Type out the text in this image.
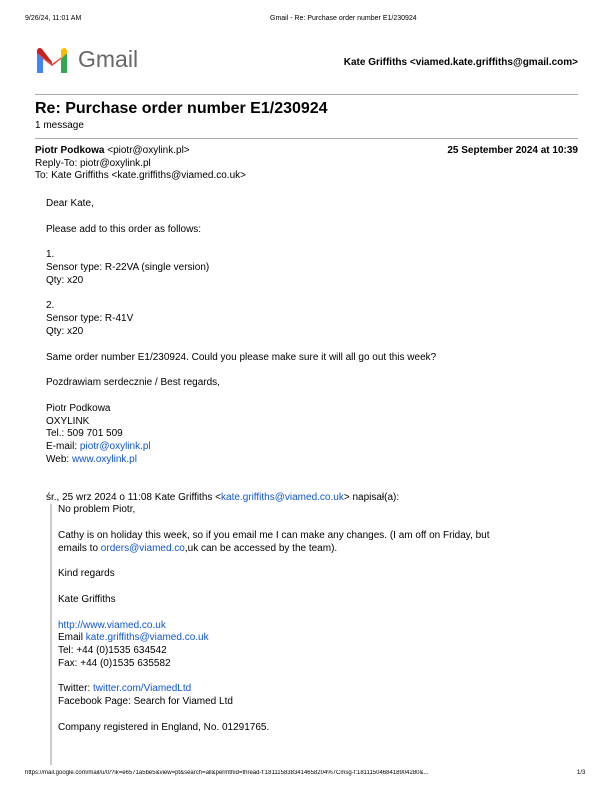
9/26/24, 11:01 AM	Gmail - Re: Purchase order number E1/230924
Gmail	Kate Griffiths <viamed.kate.griffiths@gmail.com>
Re: Purchase order number E1/230924
1 message
Piotr Podkowa <piotr@oxylink.pl>
Reply-To: piotr@oxylink.pl
To: Kate Griffiths <kate.griffiths@viamed.co.uk>
25 September 2024 at 10:39
Dear Kate,
Please add to this order as follows:
1.
Sensor type: R-22VA (single version)
Qty: x20
2.
Sensor type: R-41V
Qty: x20
Same order number E1/230924. Could you please make sure it will all go out this week?
Pozdrawiam serdecznie / Best regards,
Piotr Podkowa
OXYLINK
Tel.: 509 701 509
E-mail: piotr@oxylink.pl
Web: www.oxylink.pl
śr., 25 wrz 2024 o 11:08 Kate Griffiths <kate.griffiths@viamed.co.uk> napisał(a):
No problem Piotr,
Cathy is on holiday this week, so if you email me I can make any changes. (I am off on Friday, but
emails to orders@viamed.co,uk can be accessed by the team).
Kind regards
Kate Griffiths
http://www.viamed.co.uk
Email kate.griffiths@viamed.co.uk
Tel: +44 (0)1535 634542
Fax: +44 (0)1535 635582
Twitter: twitter.com/ViamedLtd
Facebook Page: Search for Viamed Ltd
Company registered in England, No. 01291765.
https://mail.google.com/mail/u/0/?ik=e6571a5be5&view=pt&search=all&permthid=thread-f:1811158383414658204%7Cmsg-f:1811150468418904280&...	1/3
